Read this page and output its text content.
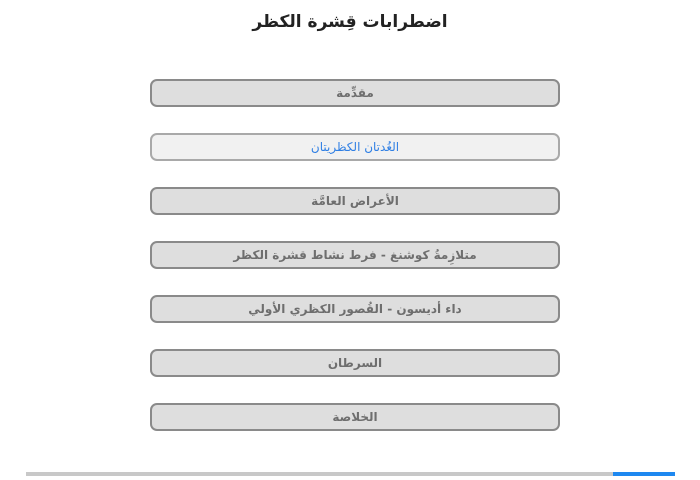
اضطرابات قِشرة الكظر
مقدِّمة
الغُدتان الكظريتان
الأعراض العامَّة
متلازِمةُ كوشنغ - فرط نشاط قشرة الكظر
داء أديسون - القُصور الكظري الأولي
السرطان
الخلاصة
